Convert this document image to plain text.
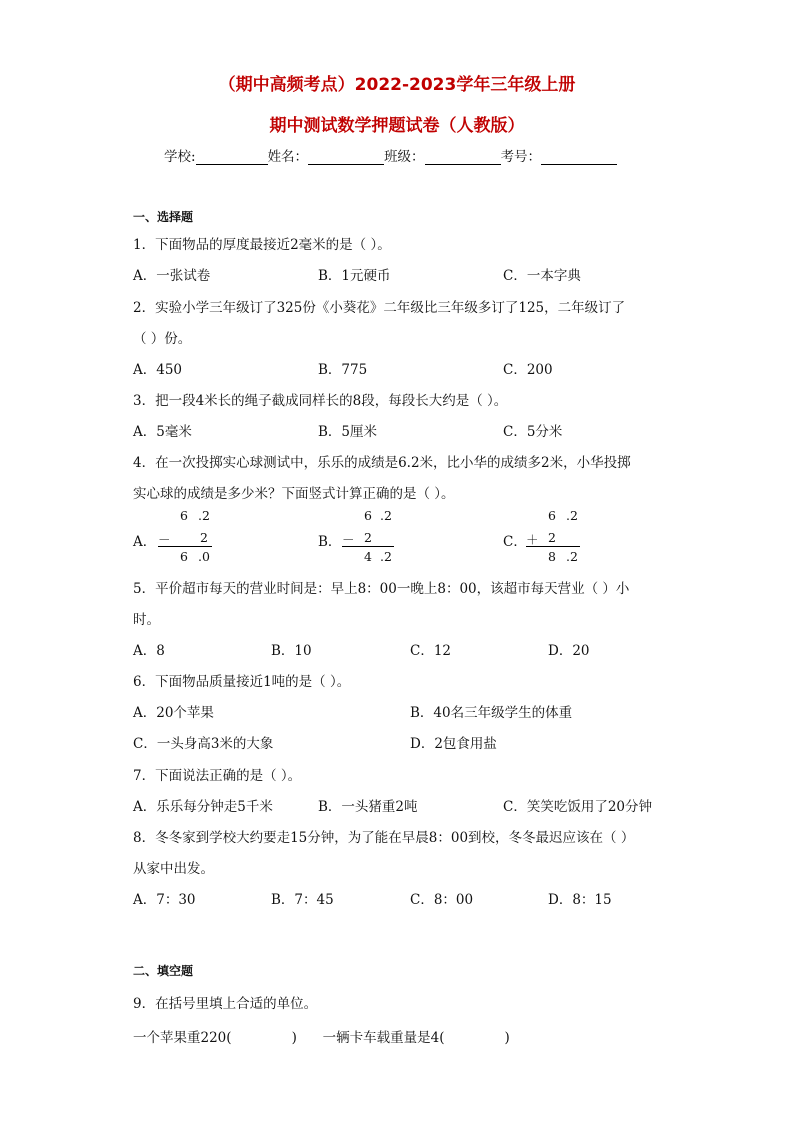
（期中高频考点）2022-2023学年三年级上册
期中测试数学押题试卷（人教版）
学校:	姓名：	班级：	考号：
一、选择题
1．下面物品的厚度最接近2毫米的是（ ）。
A．一张试卷	B．1元硬币	C．一本字典
2．实验小学三年级订了325份《小葵花》二年级比三年级多订了125，二年级订了
（ ）份。
A．450	B．775	C．200
3．把一段4米长的绳子截成同样长的8段，每段长大约是（ ）。
A．5毫米	B．5厘米	C．5分米
4．在一次投掷实心球测试中，乐乐的成绩是6.2米，比小华的成绩多2米，小华投掷
实心球的成绩是多少米？下面竖式计算正确的是（ ）。
A．
6 .2
－ 2
6 .0
B．
6 .2
－ 2
4 .2
C．
6 .2
＋ 2
8 .2
5．平价超市每天的营业时间是：早上8：00一晚上8：00，该超市每天营业（ ）小
时。
A．8	B．10	C．12	D．20
6．下面物品质量接近1吨的是（ ）。
A．20个苹果	B．40名三年级学生的体重
C．一头身高3米的大象	D．2包食用盐
7．下面说法正确的是（ ）。
A．乐乐每分钟走5千米	B．一头猪重2吨	C．笑笑吃饭用了20分钟
8．冬冬家到学校大约要走15分钟，为了能在早晨8：00到校，冬冬最迟应该在（ ）
从家中出发。
A．7：30	B．7：45	C．8：00	D．8：15
二、填空题
9．在括号里填上合适的单位。
一个苹果重220(              )      一辆卡车载重量是4(              )
